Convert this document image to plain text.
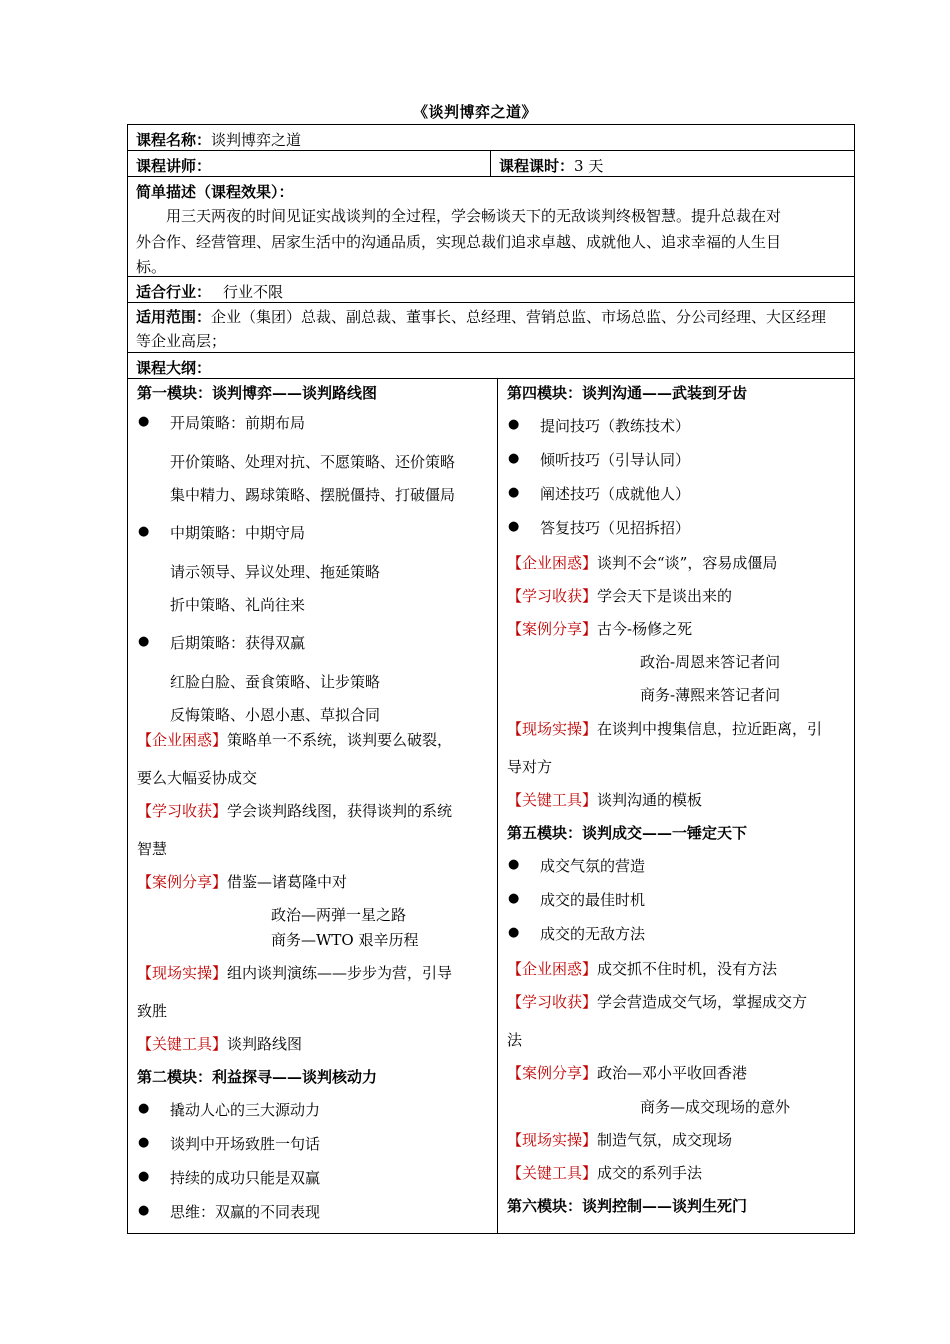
《谈判博弈之道》
课程名称：谈判博弈之道
课程讲师：	课程课时：3 天
简单描述（课程效果）：
用三天两夜的时间见证实战谈判的全过程，学会畅谈天下的无敌谈判终极智慧。提升总裁在对
外合作、经营管理、居家生活中的沟通品质，实现总裁们追求卓越、成就他人、追求幸福的人生目
标。
适合行业： 行业不限
适用范围：企业（集团）总裁、副总裁、董事长、总经理、营销总监、市场总监、分公司经理、大区经理
等企业高层；
课程大纲：
第一模块：谈判博弈——谈判路线图
● 开局策略：前期布局
开价策略、处理对抗、不愿策略、还价策略
集中精力、踢球策略、摆脱僵持、打破僵局
● 中期策略：中期守局
请示领导、异议处理、拖延策略
折中策略、礼尚往来
● 后期策略：获得双赢
红脸白脸、蚕食策略、让步策略
反悔策略、小恩小惠、草拟合同
【企业困惑】策略单一不系统，谈判要么破裂，
要么大幅妥协成交
【学习收获】学会谈判路线图，获得谈判的系统
智慧
【案例分享】借鉴—诸葛隆中对
政治—两弹一星之路
商务—WTO 艰辛历程
【现场实操】组内谈判演练——步步为营，引导
致胜
【关键工具】谈判路线图
第二模块：利益探寻——谈判核动力
● 撬动人心的三大源动力
● 谈判中开场致胜一句话
● 持续的成功只能是双赢
● 思维：双赢的不同表现
第四模块：谈判沟通——武装到牙齿
● 提问技巧（教练技术）
● 倾听技巧（引导认同）
● 阐述技巧（成就他人）
● 答复技巧（见招拆招）
【企业困惑】谈判不会“谈”，容易成僵局
【学习收获】学会天下是谈出来的
【案例分享】古今-杨修之死
政治-周恩来答记者问
商务-薄熙来答记者问
【现场实操】在谈判中搜集信息，拉近距离，引
导对方
【关键工具】谈判沟通的模板
第五模块：谈判成交——一锤定天下
● 成交气氛的营造
● 成交的最佳时机
● 成交的无敌方法
【企业困惑】成交抓不住时机，没有方法
【学习收获】学会营造成交气场，掌握成交方
法
【案例分享】政治—邓小平收回香港
商务—成交现场的意外
【现场实操】制造气氛，成交现场
【关键工具】成交的系列手法
第六模块：谈判控制——谈判生死门
